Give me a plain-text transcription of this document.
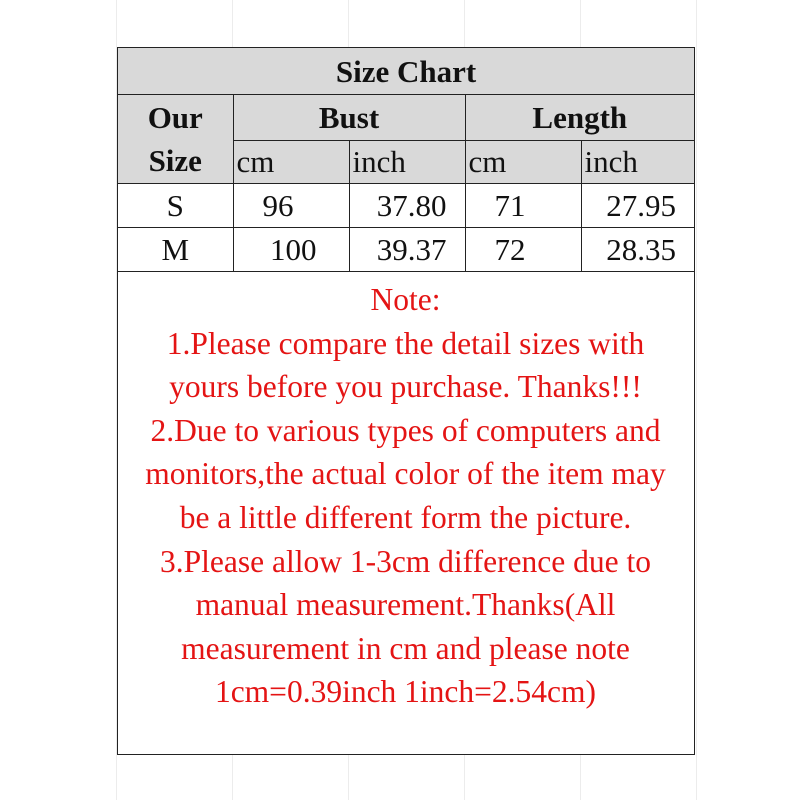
Size Chart				
Our
Size	Bust		Length	
	cm	inch	cm	inch
S	96	37.80	71	27.95
M	100	39.37	72	28.35
Note:
1.Please compare the detail sizes with
yours before you purchase. Thanks!!!
2.Due to various types of computers and
monitors,the actual color of the item may
be a little different form the picture.
3.Please allow 1-3cm difference due to
manual measurement.Thanks(All
measurement in cm and please note
1cm=0.39inch 1inch=2.54cm)
